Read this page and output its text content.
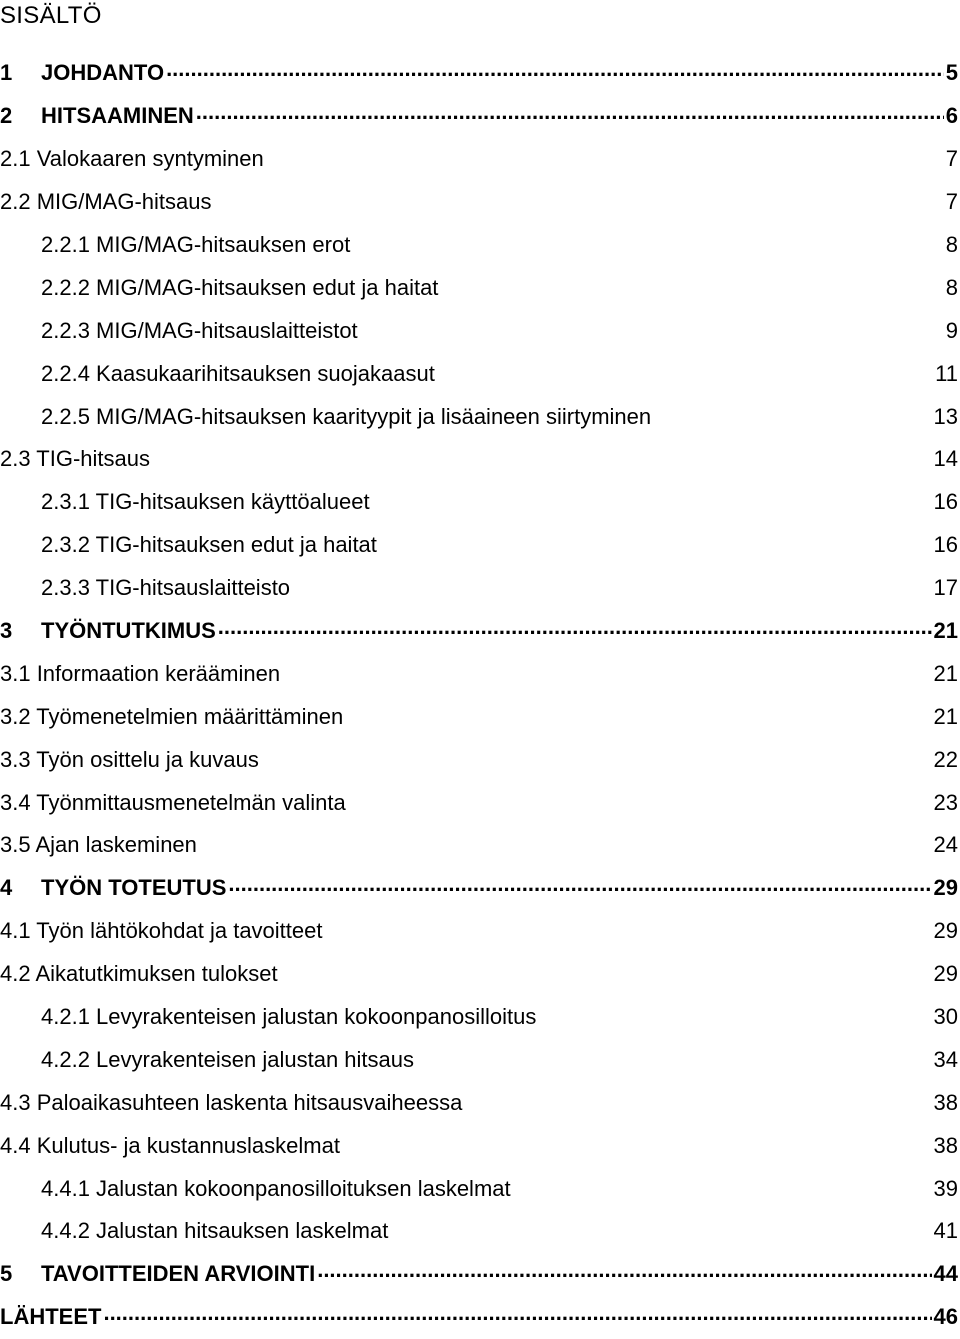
SISÄLTÖ
1	JOHDANTO .....	5
2	HITSAAMINEN .....	6
2.1 Valokaaren syntyminen	7
2.2 MIG/MAG-hitsaus	7
2.2.1 MIG/MAG-hitsauksen erot	8
2.2.2 MIG/MAG-hitsauksen edut ja haitat	8
2.2.3 MIG/MAG-hitsauslaitteistot	9
2.2.4 Kaasukaarihitsauksen suojakaasut	11
2.2.5 MIG/MAG-hitsauksen kaarityypit ja lisäaineen siirtyminen	13
2.3 TIG-hitsaus	14
2.3.1 TIG-hitsauksen käyttöalueet	16
2.3.2 TIG-hitsauksen edut ja haitat	16
2.3.3 TIG-hitsauslaitteisto	17
3	TYÖNTUTKIMUS .....	21
3.1 Informaation kerääminen	21
3.2 Työmenetelmien määrittäminen	21
3.3 Työn osittelu ja kuvaus	22
3.4 Työnmittausmenetelmän valinta	23
3.5 Ajan laskeminen	24
4	TYÖN TOTEUTUS .....	29
4.1 Työn lähtökohdat ja tavoitteet	29
4.2 Aikatutkimuksen tulokset	29
4.2.1 Levyrakenteisen jalustan kokoonpanosilloitus	30
4.2.2 Levyrakenteisen jalustan hitsaus	34
4.3 Paloaikasuhteen laskenta hitsausvaiheessa	38
4.4 Kulutus- ja kustannuslaskelmat	38
4.4.1 Jalustan kokoonpanosilloituksen laskelmat	39
4.4.2 Jalustan hitsauksen laskelmat	41
5	TAVOITTEIDEN ARVIOINTI .....	44
LÄHTEET .....	46
